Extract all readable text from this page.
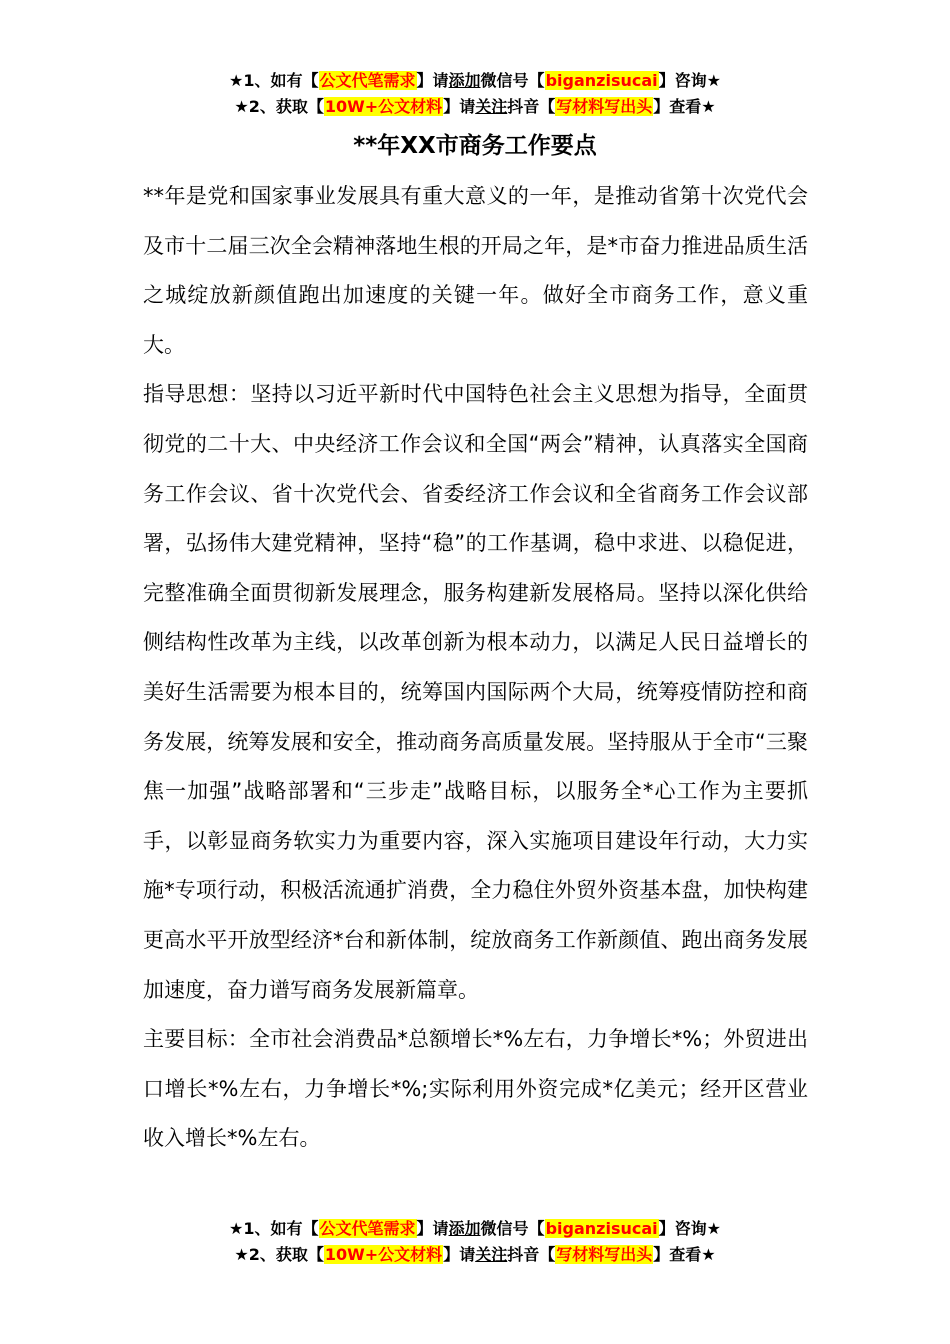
★1、如有【公文代笔需求】请添加微信号【biganzisucai】咨询★
★2、获取【10W+公文材料】请关注抖音【写材料写出头】查看★
**年XX市商务工作要点

**年是党和国家事业发展具有重大意义的一年，是推动省第十次党代会及市十二届三次全会精神落地生根的开局之年，是*市奋力推进品质生活之城绽放新颜值跑出加速度的关键一年。做好全市商务工作，意义重大。

指导思想：坚持以习近平新时代中国特色社会主义思想为指导，全面贯彻党的二十大、中央经济工作会议和全国“两会”精神，认真落实全国商务工作会议、省十次党代会、省委经济工作会议和全省商务工作会议部署，弘扬伟大建党精神，坚持“稳”的工作基调，稳中求进、以稳促进，完整准确全面贯彻新发展理念，服务构建新发展格局。坚持以深化供给侧结构性改革为主线，以改革创新为根本动力，以满足人民日益增长的美好生活需要为根本目的，统筹国内国际两个大局，统筹疫情防控和商务发展，统筹发展和安全，推动商务高质量发展。坚持服从于全市“三聚焦一加强”战略部署和“三步走”战略目标，以服务全*心工作为主要抓手，以彰显商务软实力为重要内容，深入实施项目建设年行动，大力实施*专项行动，积极活流通扩消费，全力稳住外贸外资基本盘，加快构建更高水平开放型经济*台和新体制，绽放商务工作新颜值、跑出商务发展加速度，奋力谱写商务发展新篇章。

主要目标：全市社会消费品*总额增长*%左右，力争增长*%；外贸进出口增长*%左右，力争增长*%;实际利用外资完成*亿美元；经开区营业收入增长*%左右。

★1、如有【公文代笔需求】请添加微信号【biganzisucai】咨询★
★2、获取【10W+公文材料】请关注抖音【写材料写出头】查看★
